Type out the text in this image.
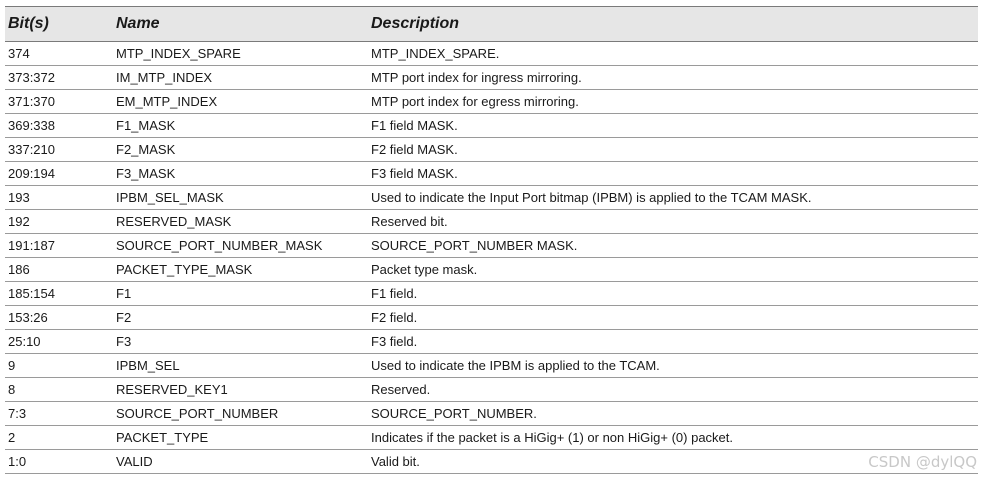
Bit(s)	Name	Description
374	MTP_INDEX_SPARE	MTP_INDEX_SPARE.
373:372	IM_MTP_INDEX	MTP port index for ingress mirroring.
371:370	EM_MTP_INDEX	MTP port index for egress mirroring.
369:338	F1_MASK	F1 field MASK.
337:210	F2_MASK	F2 field MASK.
209:194	F3_MASK	F3 field MASK.
193	IPBM_SEL_MASK	Used to indicate the Input Port bitmap (IPBM) is applied to the TCAM MASK.
192	RESERVED_MASK	Reserved bit.
191:187	SOURCE_PORT_NUMBER_MASK	SOURCE_PORT_NUMBER MASK.
186	PACKET_TYPE_MASK	Packet type mask.
185:154	F1	F1 field.
153:26	F2	F2 field.
25:10	F3	F3 field.
9	IPBM_SEL	Used to indicate the IPBM is applied to the TCAM.
8	RESERVED_KEY1	Reserved.
7:3	SOURCE_PORT_NUMBER	SOURCE_PORT_NUMBER.
2	PACKET_TYPE	Indicates if the packet is a HiGig+ (1) or non HiGig+ (0) packet.
1:0	VALID	Valid bit.	CSDN @dylQQ
